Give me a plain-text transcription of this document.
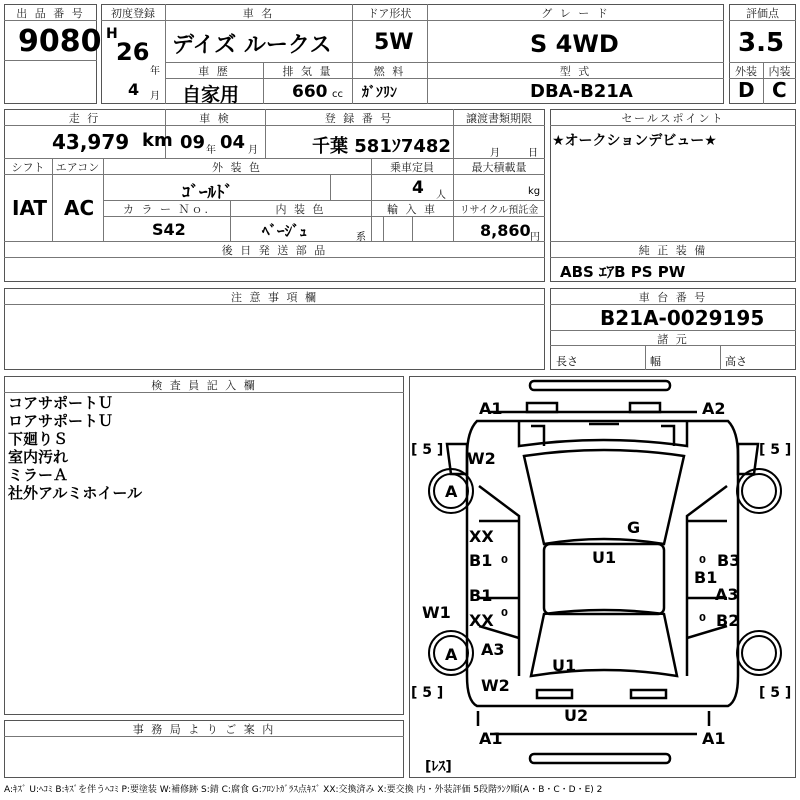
出 品 番 号
9080
初度登録
H
26
年
4 月
車 名
デイズ ルークス
ドア形状
5W
グ レ ー ド
S 4WD
車 歴
自家用
排 気 量
660 cc
燃 料
ｶﾞｿﾘﾝ
型 式
DBA-B21A
評価点
3.5
外装	内装
D C
走 行
43,979 km
車 検
09 年 04 月
登 録 番 号
千葉 581ｿ7482
譲渡書類期限
月	日
シフト
IAT
エアコン
AC
外 装 色
ｺﾞｰﾙﾄﾞ
乗車定員
4 人
最大積載量
kg
カ ラ ー Ｎｏ.
S42
内 装 色
ﾍﾞｰｼﾞｭ	系
輸 入 車	リサイクル預託金
8,860 円
後 日 発 送 部 品
セールスポイント
★オークションデビュー★
純 正 装 備
ABS ｴｱB PS PW
注 意 事 項 欄	車 台 番 号
B21A-0029195
諸 元
長さ	幅	高さ
検 査 員 記 入 欄
コアサポートＵ
ロアサポートＵ
下廻りＳ
室内汚れ
ミラーＡ
社外アルミホイール
事 務 局 よ り ご 案 内
A1	A2
W2
G
U1
XX
B1
B1
XX
B3
B1
A3
B2
W1
A3
U1
W2
U2
A1	A1
A
A
[ 5 ]	[ 5 ]
[ 5 ]	[ 5 ]
[ﾚｽ]
0
0
0
0
A:ｷｽﾞ U:ﾍｺﾐ B:ｷｽﾞを伴うﾍｺﾐ P:要塗装 W:補修跡 S:錆 C:腐食 G:ﾌﾛﾝﾄｶﾞﾗｽ点ｷｽﾞ XX:交換済み X:要交換 内・外装評価 5段階ﾗﾝｸ順(A・B・C・D・E) 2
